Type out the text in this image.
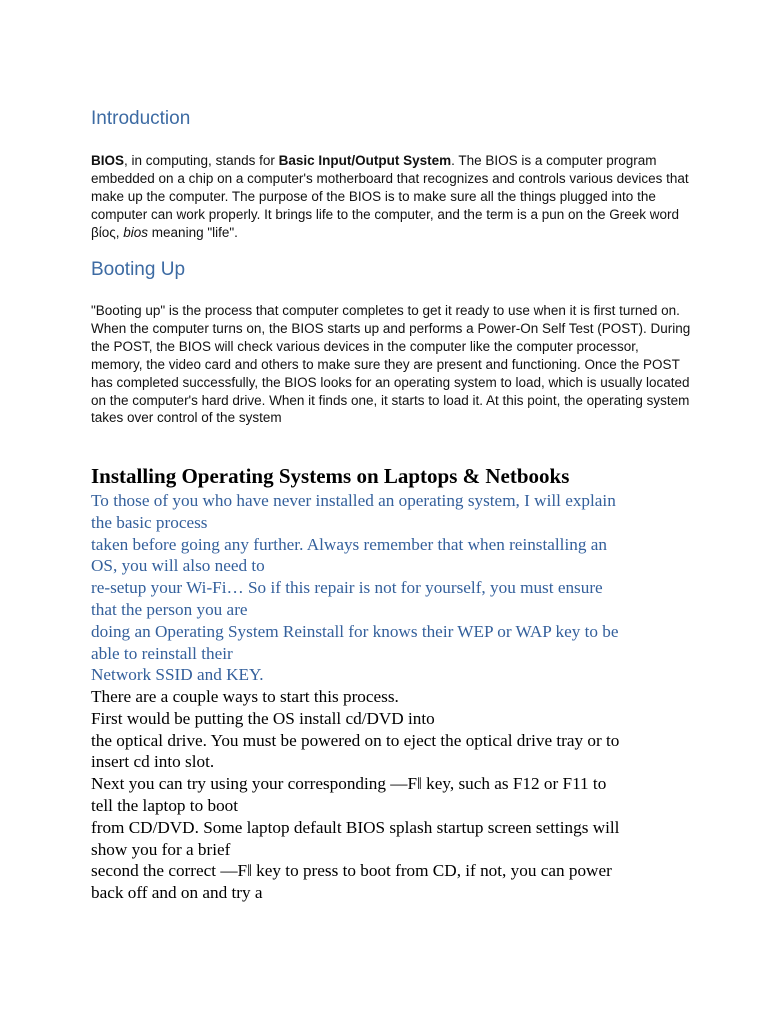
Introduction

BIOS, in computing, stands for Basic Input/Output System. The BIOS is a computer program embedded on a chip on a computer's motherboard that recognizes and controls various devices that make up the computer. The purpose of the BIOS is to make sure all the things plugged into the computer can work properly. It brings life to the computer, and the term is a pun on the Greek word βίος, bios meaning "life".

Booting Up

"Booting up" is the process that computer completes to get it ready to use when it is first turned on. When the computer turns on, the BIOS starts up and performs a Power-On Self Test (POST). During the POST, the BIOS will check various devices in the computer like the computer processor, memory, the video card and others to make sure they are present and functioning. Once the POST has completed successfully, the BIOS looks for an operating system to load, which is usually located on the computer's hard drive. When it finds one, it starts to load it. At this point, the operating system takes over control of the system

Installing Operating Systems on Laptops & Netbooks
To those of you who have never installed an operating system, I will explain
the basic process
taken before going any further. Always remember that when reinstalling an
OS, you will also need to
re-setup your Wi-Fi… So if this repair is not for yourself, you must ensure
that the person you are
doing an Operating System Reinstall for knows their WEP or WAP key to be
able to reinstall their
Network SSID and KEY.
There are a couple ways to start this process.
First would be putting the OS install cd/DVD into
the optical drive. You must be powered on to eject the optical drive tray or to
insert cd into slot.
Next you can try using your corresponding ―F‖ key, such as F12 or F11 to
tell the laptop to boot
from CD/DVD. Some laptop default BIOS splash startup screen settings will
show you for a brief
second the correct ―F‖ key to press to boot from CD, if not, you can power
back off and on and try a
